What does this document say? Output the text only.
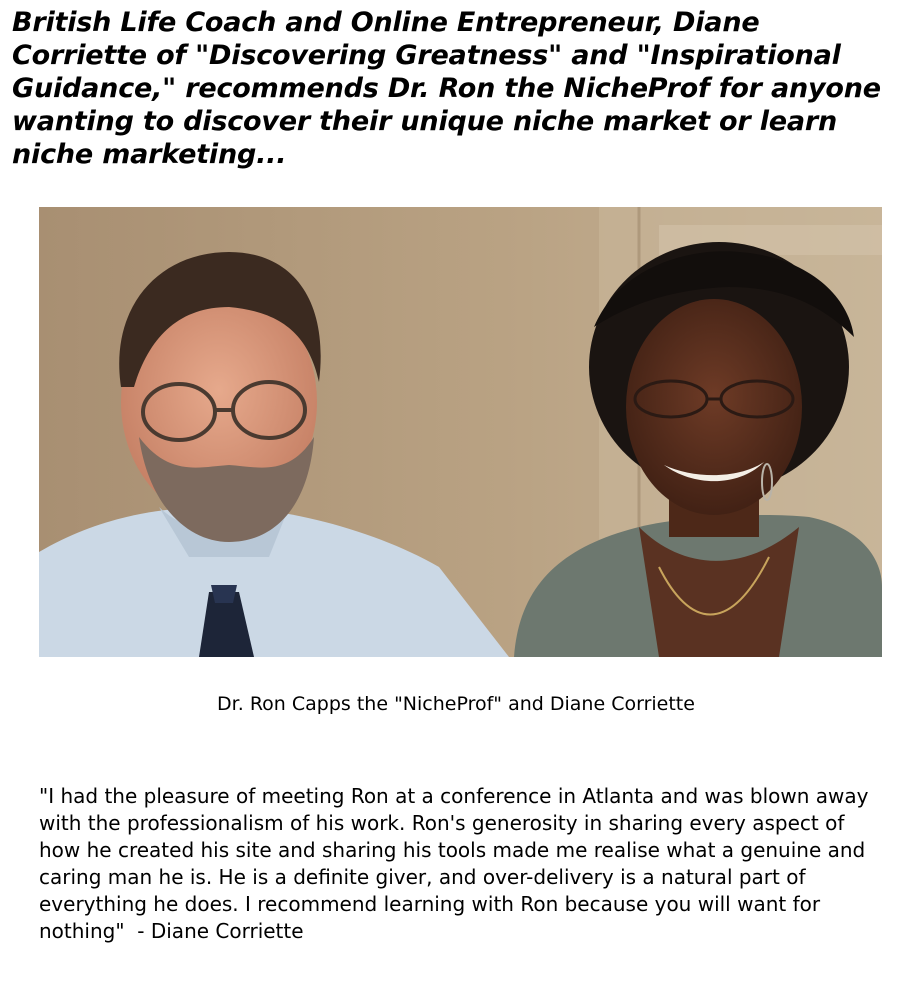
British Life Coach and Online Entrepreneur, Diane Corriette of "Discovering Greatness" and "Inspirational Guidance," recommends Dr. Ron the NicheProf for anyone wanting to discover their unique niche market or learn niche marketing...
Dr. Ron Capps the "NicheProf" and Diane Corriette

"I had the pleasure of meeting Ron at a conference in Atlanta and was blown away with the professionalism of his work. Ron's generosity in sharing every aspect of how he created his site and sharing his tools made me realise what a genuine and caring man he is. He is a definite giver, and over-delivery is a natural part of everything he does. I recommend learning with Ron because you will want for nothing"  - Diane Corriette
